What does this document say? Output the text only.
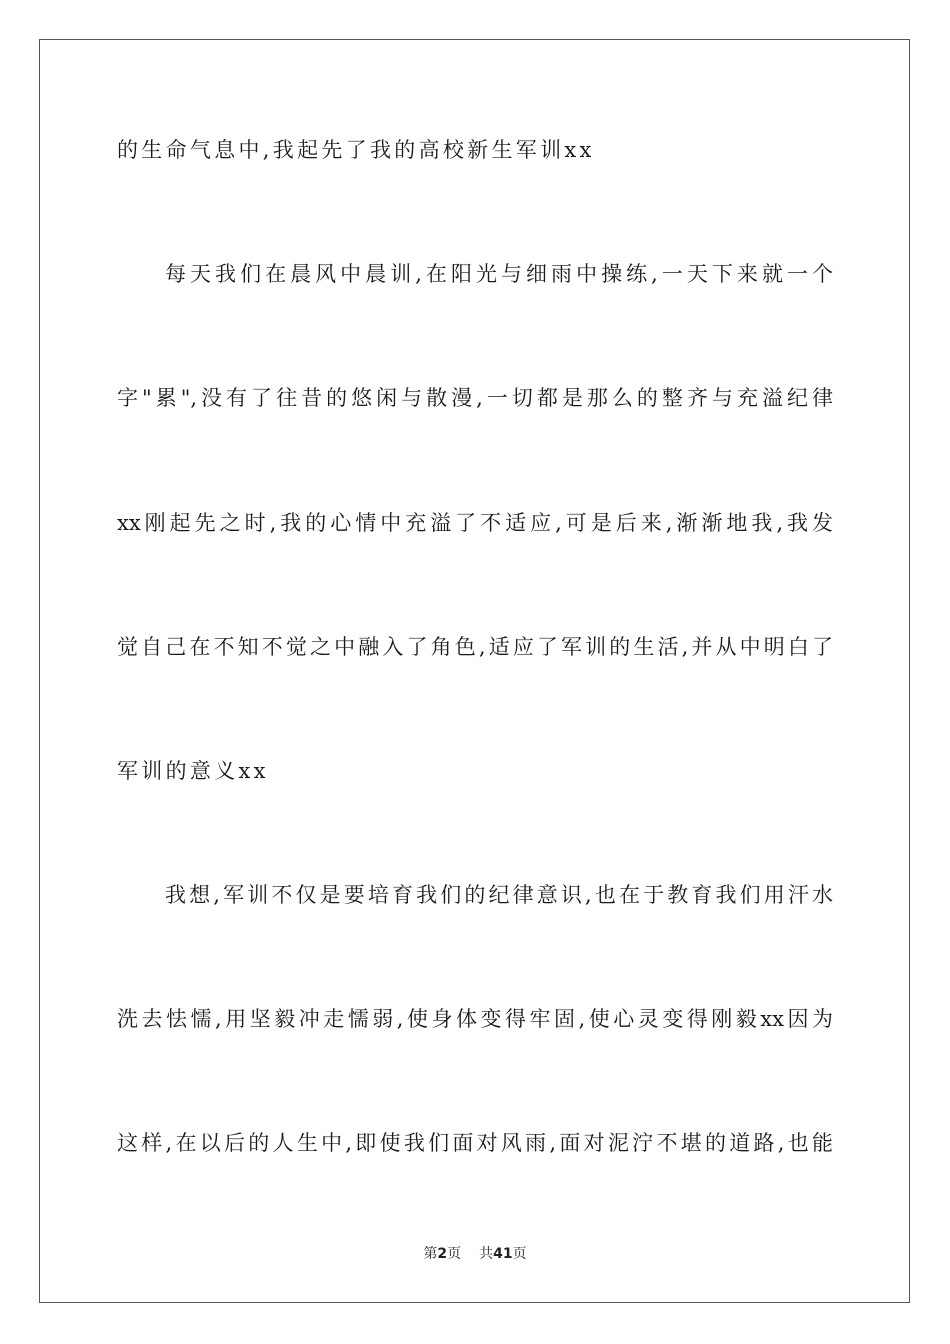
的生命气息中,我起先了我的高校新生军训xx
每天我们在晨风中晨训,在阳光与细雨中操练,一天下来就一个
字"累",没有了往昔的悠闲与散漫,一切都是那么的整齐与充溢纪律
xx刚起先之时,我的心情中充溢了不适应,可是后来,渐渐地我,我发
觉自己在不知不觉之中融入了角色,适应了军训的生活,并从中明白了
军训的意义xx
我想,军训不仅是要培育我们的纪律意识,也在于教育我们用汗水
洗去怯懦,用坚毅冲走懦弱,使身体变得牢固,使心灵变得刚毅xx因为
这样,在以后的人生中,即使我们面对风雨,面对泥泞不堪的道路,也能
第2页 共41页
